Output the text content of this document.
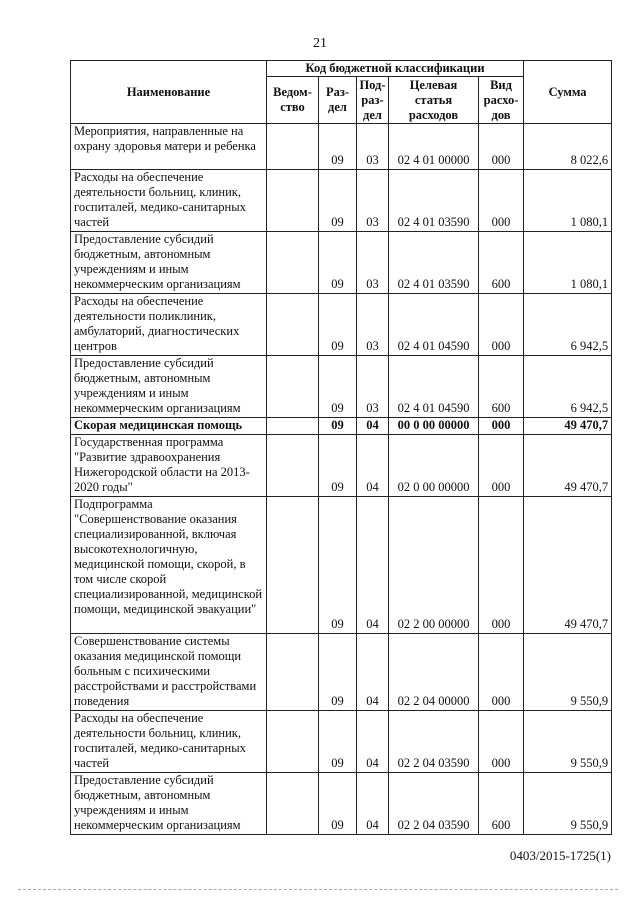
21
Наименование	Код бюджетной классификации					Сумма
	Ведом-ство	Раз-дел	Под-раз-дел	Целевая статья расходов	Вид расхо-дов	
Мероприятия, направленные на охрану здоровья матери и ребенка		09	03	02 4 01 00000	000	8 022,6
Расходы на обеспечение деятельности больниц, клиник, госпиталей, медико-санитарных частей		09	03	02 4 01 03590	000	1 080,1
Предоставление субсидий бюджетным, автономным учреждениям и иным некоммерческим организациям		09	03	02 4 01 03590	600	1 080,1
Расходы на обеспечение деятельности поликлиник, амбулаторий, диагностических центров		09	03	02 4 01 04590	000	6 942,5
Предоставление субсидий бюджетным, автономным учреждениям и иным некоммерческим организациям		09	03	02 4 01 04590	600	6 942,5
Скорая медицинская помощь		09	04	00 0 00 00000	000	49 470,7
Государственная программа "Развитие здравоохранения Нижегородской области на 2013-2020 годы"		09	04	02 0 00 00000	000	49 470,7
Подпрограмма "Совершенствование оказания специализированной, включая высокотехнологичную, медицинской помощи, скорой, в том числе скорой специализированной, медицинской помощи, медицинской эвакуации"		09	04	02 2 00 00000	000	49 470,7
Совершенствование системы оказания медицинской помощи больным с психическими расстройствами и расстройствами поведения		09	04	02 2 04 00000	000	9 550,9
Расходы на обеспечение деятельности больниц, клиник, госпиталей, медико-санитарных частей		09	04	02 2 04 03590	000	9 550,9
Предоставление субсидий бюджетным, автономным учреждениям и иным некоммерческим организациям		09	04	02 2 04 03590	600	9 550,9
0403/2015-1725(1)
